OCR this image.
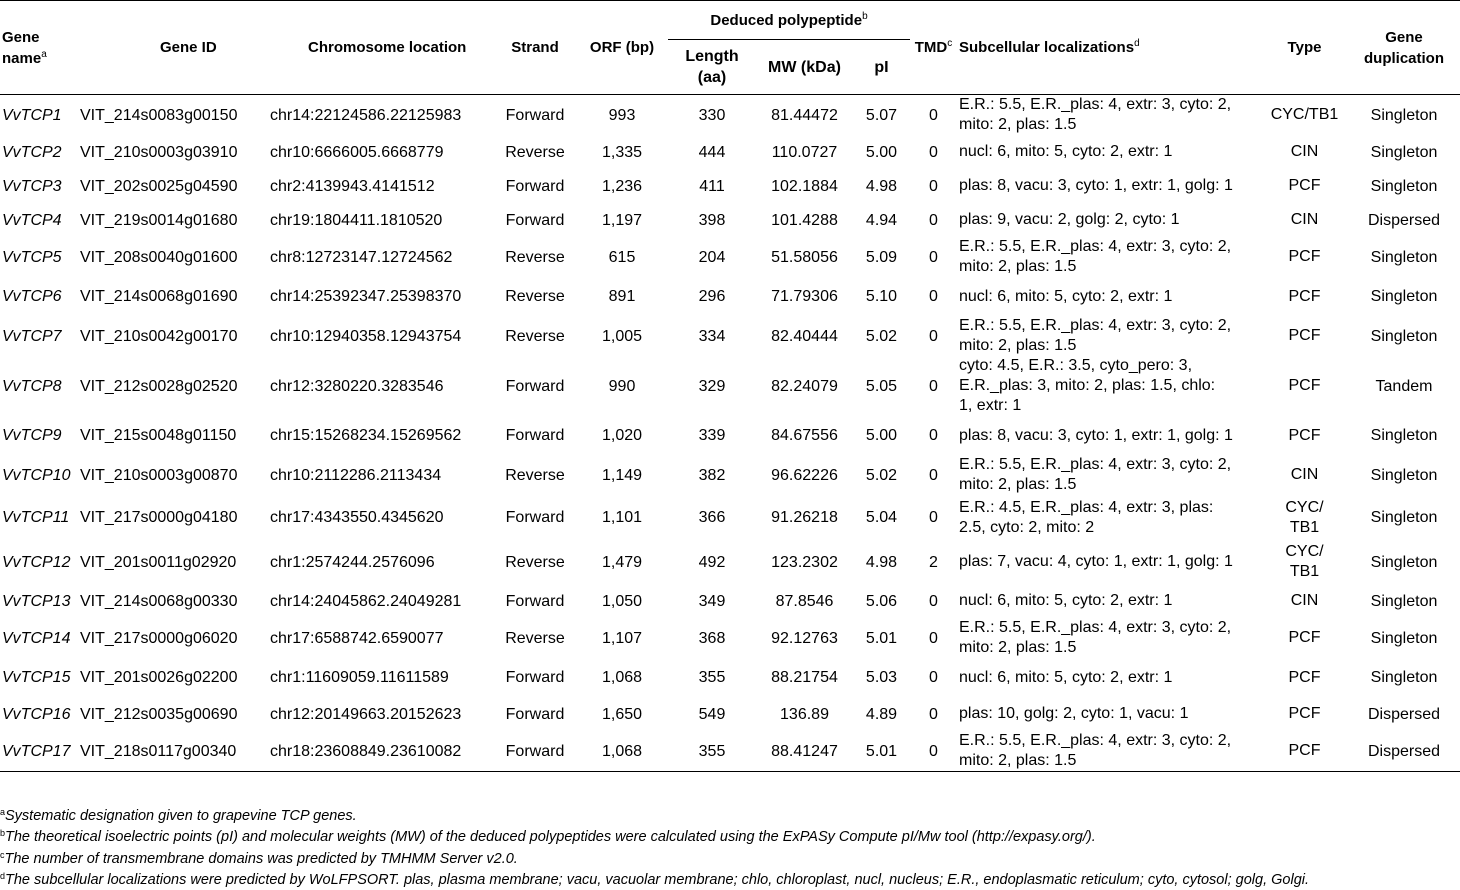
Gene name$^a$	Gene ID	Chromosome location	Strand	ORF (bp)	Deduced polypeptide$^b$			TMD$^c$	Subcellular localizations$^d$	Type	Gene duplication
					Length (aa)	MW (kDa)	pI				
VvTCP1	VIT_214s0083g00150	chr14:22124586.22125983	Forward	993	330	81.44472	5.07	0	E.R.: 5.5, E.R._plas: 4, extr: 3, cyto: 2,
mito: 2, plas: 1.5	CYC/TB1	Singleton
VvTCP2	VIT_210s0003g03910	chr10:6666005.6668779	Reverse	1,335	444	110.0727	5.00	0	nucl: 6, mito: 5, cyto: 2, extr: 1	CIN	Singleton
VvTCP3	VIT_202s0025g04590	chr2:4139943.4141512	Forward	1,236	411	102.1884	4.98	0	plas: 8, vacu: 3, cyto: 1, extr: 1, golg: 1	PCF	Singleton
VvTCP4	VIT_219s0014g01680	chr19:1804411.1810520	Forward	1,197	398	101.4288	4.94	0	plas: 9, vacu: 2, golg: 2, cyto: 1	CIN	Dispersed
VvTCP5	VIT_208s0040g01600	chr8:12723147.12724562	Reverse	615	204	51.58056	5.09	0	E.R.: 5.5, E.R._plas: 4, extr: 3, cyto: 2,
mito: 2, plas: 1.5	PCF	Singleton
VvTCP6	VIT_214s0068g01690	chr14:25392347.25398370	Reverse	891	296	71.79306	5.10	0	nucl: 6, mito: 5, cyto: 2, extr: 1	PCF	Singleton
VvTCP7	VIT_210s0042g00170	chr10:12940358.12943754	Reverse	1,005	334	82.40444	5.02	0	E.R.: 5.5, E.R._plas: 4, extr: 3, cyto: 2,
mito: 2, plas: 1.5	PCF	Singleton
VvTCP8	VIT_212s0028g02520	chr12:3280220.3283546	Forward	990	329	82.24079	5.05	0	cyto: 4.5, E.R.: 3.5, cyto_pero: 3,
E.R._plas: 3, mito: 2, plas: 1.5, chlo:
1, extr: 1	PCF	Tandem
VvTCP9	VIT_215s0048g01150	chr15:15268234.15269562	Forward	1,020	339	84.67556	5.00	0	plas: 8, vacu: 3, cyto: 1, extr: 1, golg: 1	PCF	Singleton
VvTCP10	VIT_210s0003g00870	chr10:2112286.2113434	Reverse	1,149	382	96.62226	5.02	0	E.R.: 5.5, E.R._plas: 4, extr: 3, cyto: 2,
mito: 2, plas: 1.5	CIN	Singleton
VvTCP11	VIT_217s0000g04180	chr17:4343550.4345620	Forward	1,101	366	91.26218	5.04	0	E.R.: 4.5, E.R._plas: 4, extr: 3, plas:
2.5, cyto: 2, mito: 2	CYC/
TB1	Singleton
VvTCP12	VIT_201s0011g02920	chr1:2574244.2576096	Reverse	1,479	492	123.2302	4.98	2	plas: 7, vacu: 4, cyto: 1, extr: 1, golg: 1	CYC/
TB1	Singleton
VvTCP13	VIT_214s0068g00330	chr14:24045862.24049281	Forward	1,050	349	87.8546	5.06	0	nucl: 6, mito: 5, cyto: 2, extr: 1	CIN	Singleton
VvTCP14	VIT_217s0000g06020	chr17:6588742.6590077	Reverse	1,107	368	92.12763	5.01	0	E.R.: 5.5, E.R._plas: 4, extr: 3, cyto: 2,
mito: 2, plas: 1.5	PCF	Singleton
VvTCP15	VIT_201s0026g02200	chr1:11609059.11611589	Forward	1,068	355	88.21754	5.03	0	nucl: 6, mito: 5, cyto: 2, extr: 1	PCF	Singleton
VvTCP16	VIT_212s0035g00690	chr12:20149663.20152623	Forward	1,650	549	136.89	4.89	0	plas: 10, golg: 2, cyto: 1, vacu: 1	PCF	Dispersed
VvTCP17	VIT_218s0117g00340	chr18:23608849.23610082	Forward	1,068	355	88.41247	5.01	0	E.R.: 5.5, E.R._plas: 4, extr: 3, cyto: 2,
mito: 2, plas: 1.5	PCF	Dispersed
$^a$Systematic designation given to grapevine TCP genes.
$^b$The theoretical isoelectric points (pI) and molecular weights (MW) of the deduced polypeptides were calculated using the ExPASy Compute pI/Mw tool (http://expasy.org/).
$^c$The number of transmembrane domains was predicted by TMHMM Server v2.0.
$^d$The subcellular localizations were predicted by WoLFPSORT. plas, plasma membrane; vacu, vacuolar membrane; chlo, chloroplast, nucl, nucleus; E.R., endoplasmatic reticulum; cyto, cytosol; golg, Golgi.
